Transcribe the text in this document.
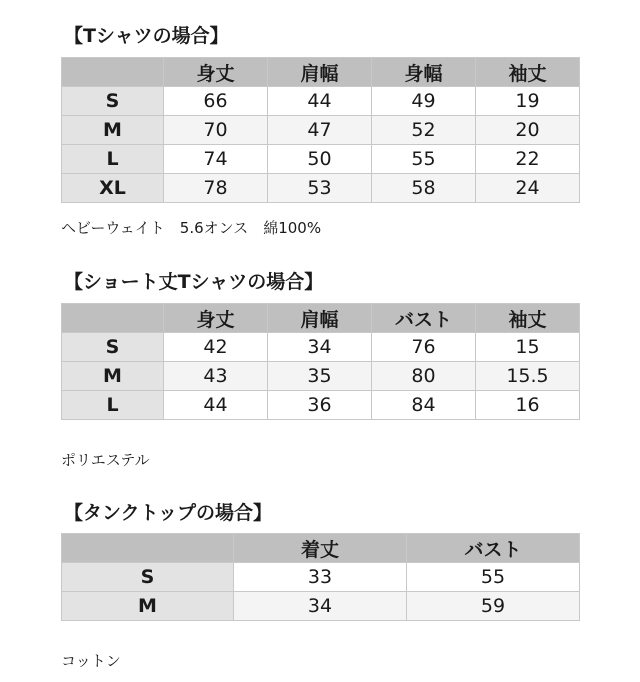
【Tシャツの場合】
	身丈	肩幅	身幅	袖丈
S	66	44	49	19
M	70	47	52	20
L	74	50	55	22
XL	78	53	58	24

ヘビーウェイト　5.6オンス　綿100%

【ショート丈Tシャツの場合】
	身丈	肩幅	バスト	袖丈
S	42	34	76	15
M	43	35	80	15.5
L	44	36	84	16

ポリエステル

【タンクトップの場合】
	着丈	バスト
S	33	55
M	34	59

コットン
